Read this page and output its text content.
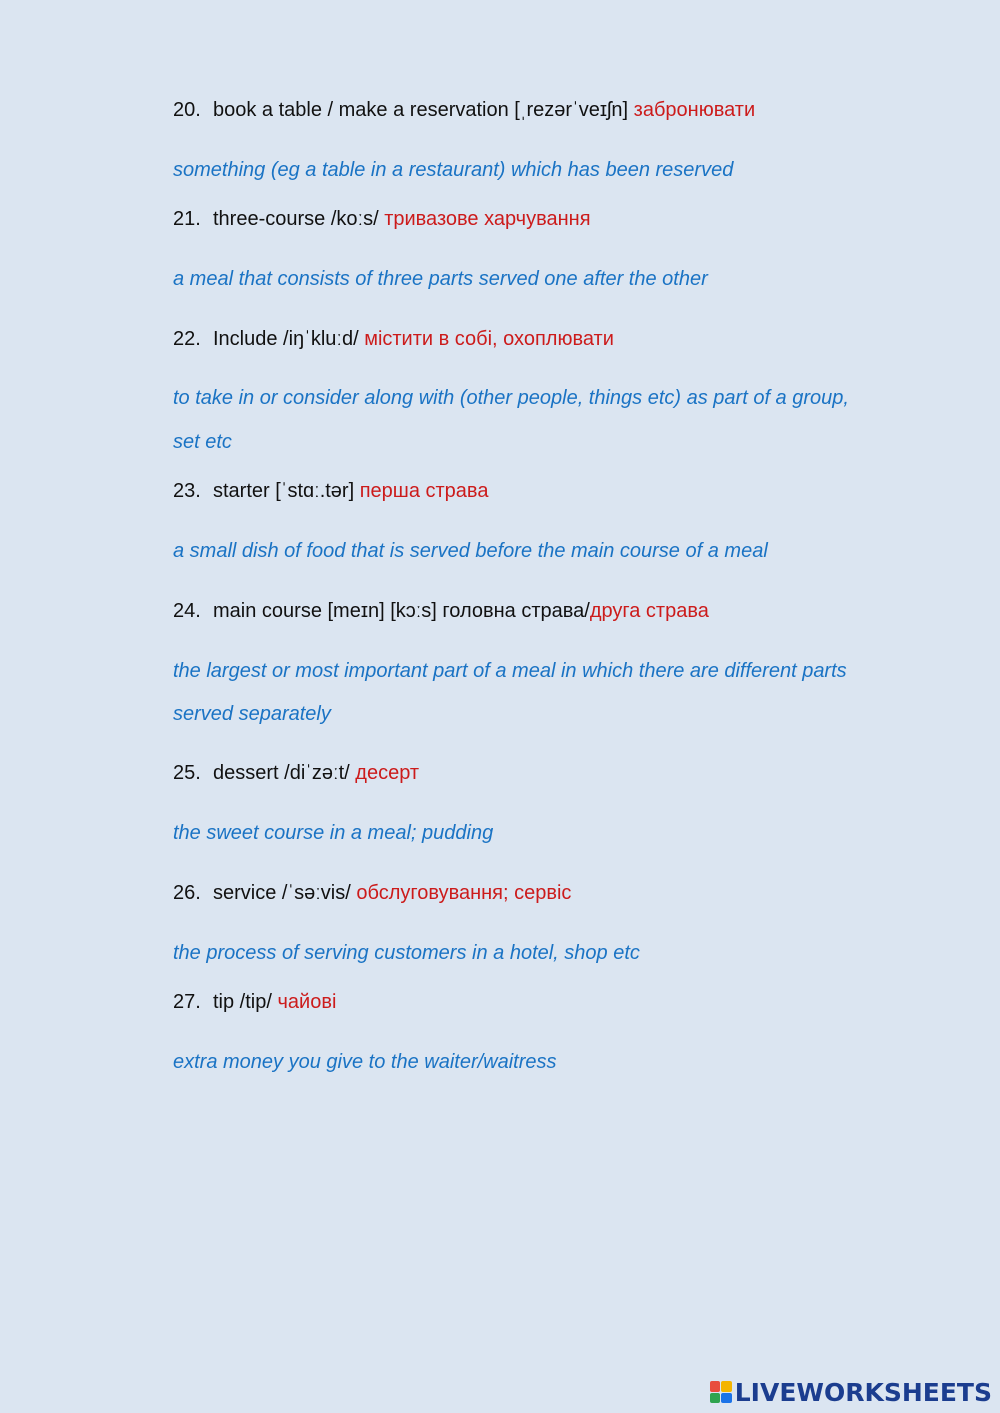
20. book a table / make a reservation [ˌrezərˈveɪʃn] забронювати
something (eg a table in a restaurant) which has been reserved
21. three-course /koːs/ тривазове харчування
a meal that consists of three parts served one after the other
22. Include /iŋˈkluːd/ містити в собі, охоплювати
to take in or consider along with (other people, things etc) as part of a group,
set etc
23. starter [ˈstɑː.tər] перша страва
a small dish of food that is served before the main course of a meal
24. main course [meɪn] [kɔːs] головна страва/друга страва
the largest or most important part of a meal in which there are different parts
served separately
25. dessert /diˈzəːt/ десерт
the sweet course in a meal; pudding
26. service /ˈsəːvis/ обслуговування; сервіс
the process of serving customers in a hotel, shop etc
27. tip /tip/ чайові
extra money you give to the waiter/waitress
LIVEWORKSHEETS
